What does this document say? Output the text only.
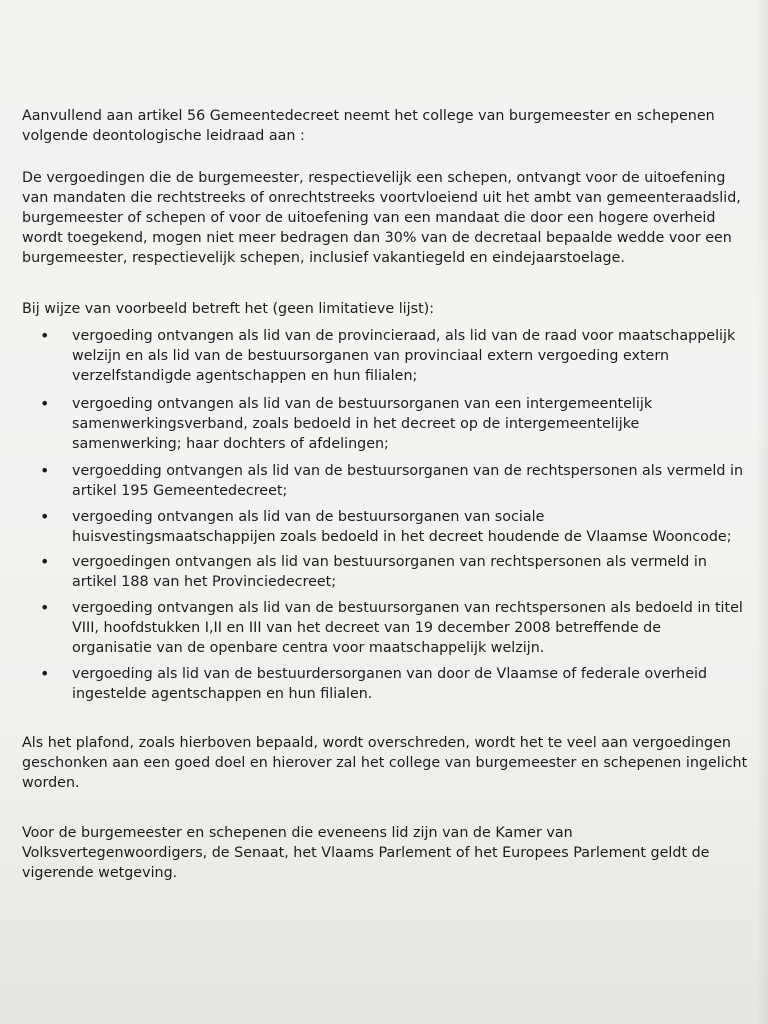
Aanvullend aan artikel 56 Gemeentedecreet neemt het college van burgemeester en schepenen
volgende deontologische leidraad aan :

De vergoedingen die de burgemeester, respectievelijk een schepen, ontvangt voor de uitoefening
van mandaten die rechtstreeks of onrechtstreeks voortvloeiend uit het ambt van gemeenteraadslid,
burgemeester of schepen of voor de uitoefening van een mandaat die door een hogere overheid
wordt toegekend, mogen niet meer bedragen dan 30% van de decretaal bepaalde wedde voor een
burgemeester, respectievelijk schepen, inclusief vakantiegeld en eindejaarstoelage.

Bij wijze van voorbeeld betreft het (geen limitatieve lijst):

• vergoeding ontvangen als lid van de provincieraad, als lid van de raad voor maatschappelijk
welzijn en als lid van de bestuursorganen van provinciaal extern vergoeding extern
verzelfstandigde agentschappen en hun filialen;
• vergoeding ontvangen als lid van de bestuursorganen van een intergemeentelijk
samenwerkingsverband, zoals bedoeld in het decreet op de intergemeentelijke
samenwerking; haar dochters of afdelingen;
• vergoedding ontvangen als lid van de bestuursorganen van de rechtspersonen als vermeld in
artikel 195 Gemeentedecreet;
• vergoeding ontvangen als lid van de bestuursorganen van sociale
huisvestingsmaatschappijen zoals bedoeld in het decreet houdende de Vlaamse Wooncode;
• vergoedingen ontvangen als lid van bestuursorganen van rechtspersonen als vermeld in
artikel 188 van het Provinciedecreet;
• vergoeding ontvangen als lid van de bestuursorganen van rechtspersonen als bedoeld in titel
VIII, hoofdstukken I,II en III van het decreet van 19 december 2008 betreffende de
organisatie van de openbare centra voor maatschappelijk welzijn.
• vergoeding als lid van de bestuurdersorganen van door de Vlaamse of federale overheid
ingestelde agentschappen en hun filialen.

Als het plafond, zoals hierboven bepaald, wordt overschreden, wordt het te veel aan vergoedingen
geschonken aan een goed doel en hierover zal het college van burgemeester en schepenen ingelicht
worden.

Voor de burgemeester en schepenen die eveneens lid zijn van de Kamer van
Volksvertegenwoordigers, de Senaat, het Vlaams Parlement of het Europees Parlement geldt de
vigerende wetgeving.
